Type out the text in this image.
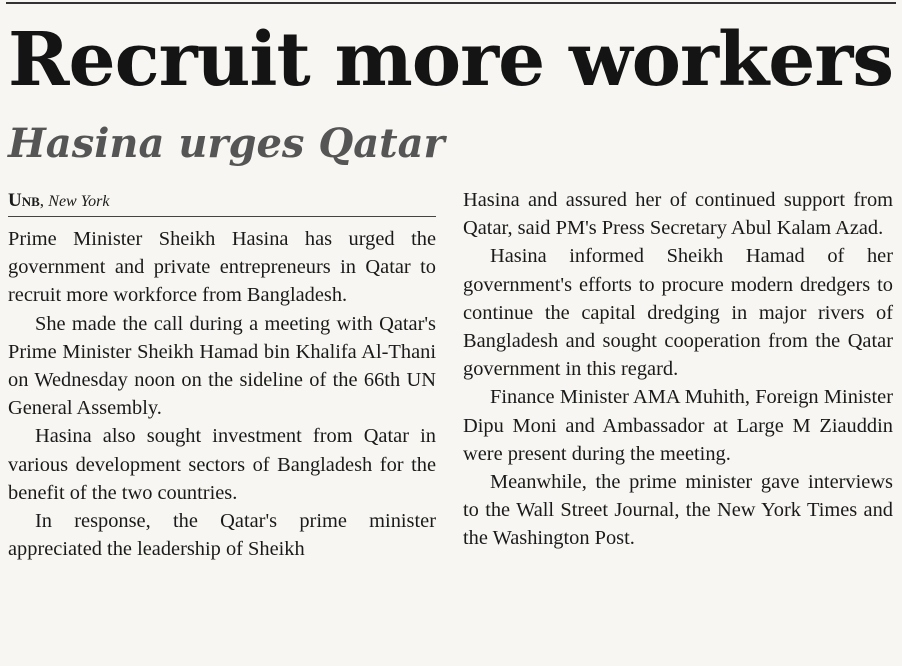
Recruit more workers
Hasina urges Qatar
Unb, New York

Prime Minister Sheikh Hasina has urged the government and private entrepreneurs in Qatar to recruit more workforce from Bangladesh.

She made the call during a meeting with Qatar's Prime Minister Sheikh Hamad bin Khalifa Al-Thani on Wednesday noon on the sideline of the 66th UN General Assembly.

Hasina also sought investment from Qatar in various development sectors of Bangladesh for the benefit of the two countries.

In response, the Qatar's prime minister appreciated the leadership of Sheikh

Hasina and assured her of continued support from Qatar, said PM's Press Secretary Abul Kalam Azad.

Hasina informed Sheikh Hamad of her government's efforts to procure modern dredgers to continue the capital dredging in major rivers of Bangladesh and sought cooperation from the Qatar government in this regard.

Finance Minister AMA Muhith, Foreign Minister Dipu Moni and Ambassador at Large M Ziauddin were present during the meeting.

Meanwhile, the prime minister gave interviews to the Wall Street Journal, the New York Times and the Washington Post.
